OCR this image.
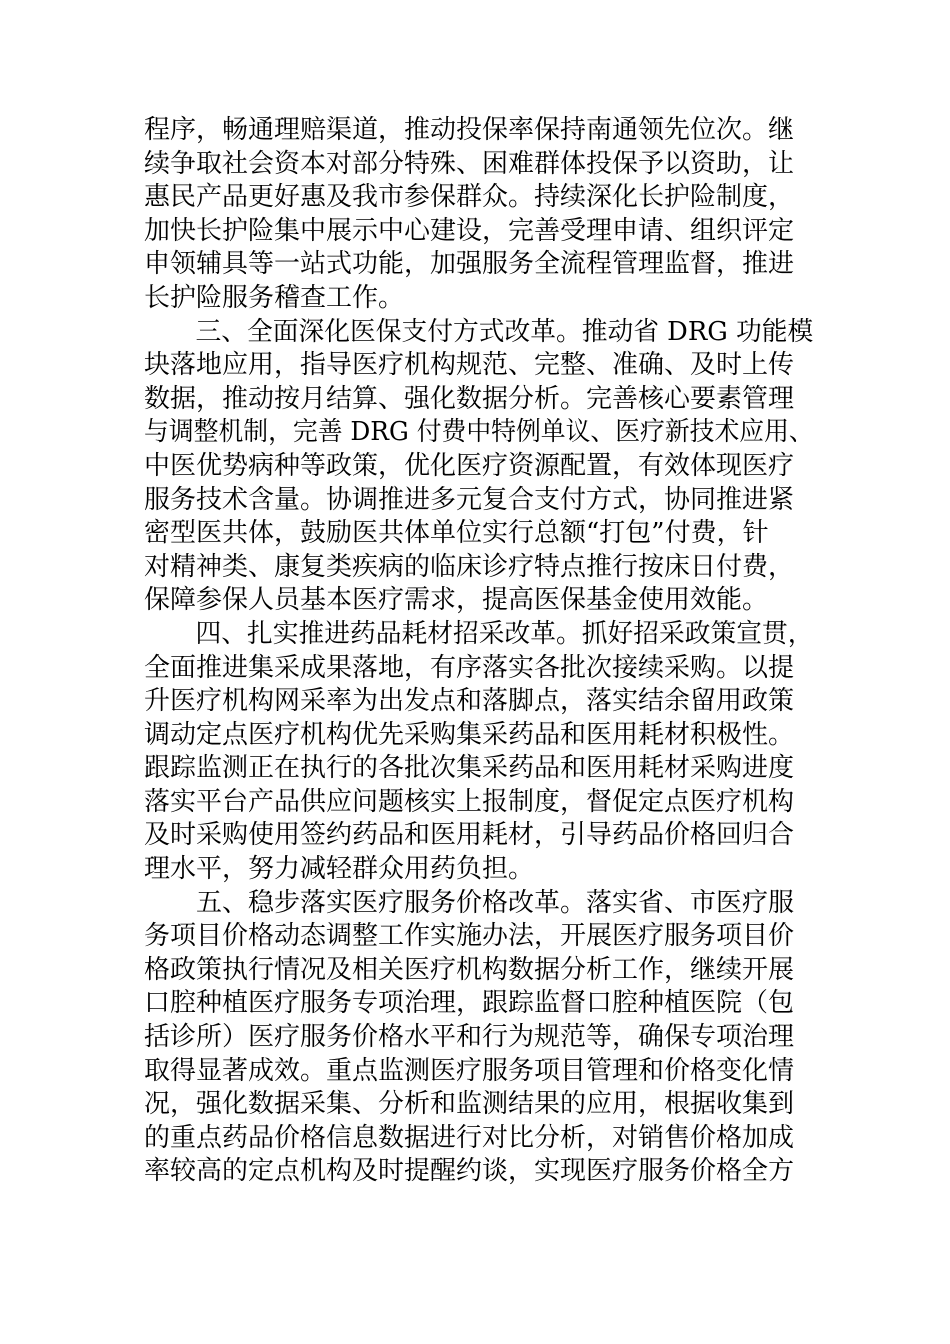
程序，畅通理赔渠道，推动投保率保持南通领先位次。继
续争取社会资本对部分特殊、困难群体投保予以资助，让
惠民产品更好惠及我市参保群众。持续深化长护险制度，
加快长护险集中展示中心建设，完善受理申请、组织评定
申领辅具等一站式功能，加强服务全流程管理监督，推进
长护险服务稽查工作。
三、全面深化医保支付方式改革。推动省 DRG 功能模
块落地应用，指导医疗机构规范、完整、准确、及时上传
数据，推动按月结算、强化数据分析。完善核心要素管理
与调整机制，完善 DRG 付费中特例单议、医疗新技术应用、
中医优势病种等政策，优化医疗资源配置，有效体现医疗
服务技术含量。协调推进多元复合支付方式，协同推进紧
密型医共体，鼓励医共体单位实行总额“打包”付费，针
对精神类、康复类疾病的临床诊疗特点推行按床日付费，
保障参保人员基本医疗需求，提高医保基金使用效能。
四、扎实推进药品耗材招采改革。抓好招采政策宣贯，
全面推进集采成果落地，有序落实各批次接续采购。以提
升医疗机构网采率为出发点和落脚点，落实结余留用政策
调动定点医疗机构优先采购集采药品和医用耗材积极性。
跟踪监测正在执行的各批次集采药品和医用耗材采购进度
落实平台产品供应问题核实上报制度，督促定点医疗机构
及时采购使用签约药品和医用耗材，引导药品价格回归合
理水平，努力减轻群众用药负担。
五、稳步落实医疗服务价格改革。落实省、市医疗服
务项目价格动态调整工作实施办法，开展医疗服务项目价
格政策执行情况及相关医疗机构数据分析工作，继续开展
口腔种植医疗服务专项治理，跟踪监督口腔种植医院（包
括诊所）医疗服务价格水平和行为规范等，确保专项治理
取得显著成效。重点监测医疗服务项目管理和价格变化情
况，强化数据采集、分析和监测结果的应用，根据收集到
的重点药品价格信息数据进行对比分析，对销售价格加成
率较高的定点机构及时提醒约谈，实现医疗服务价格全方
